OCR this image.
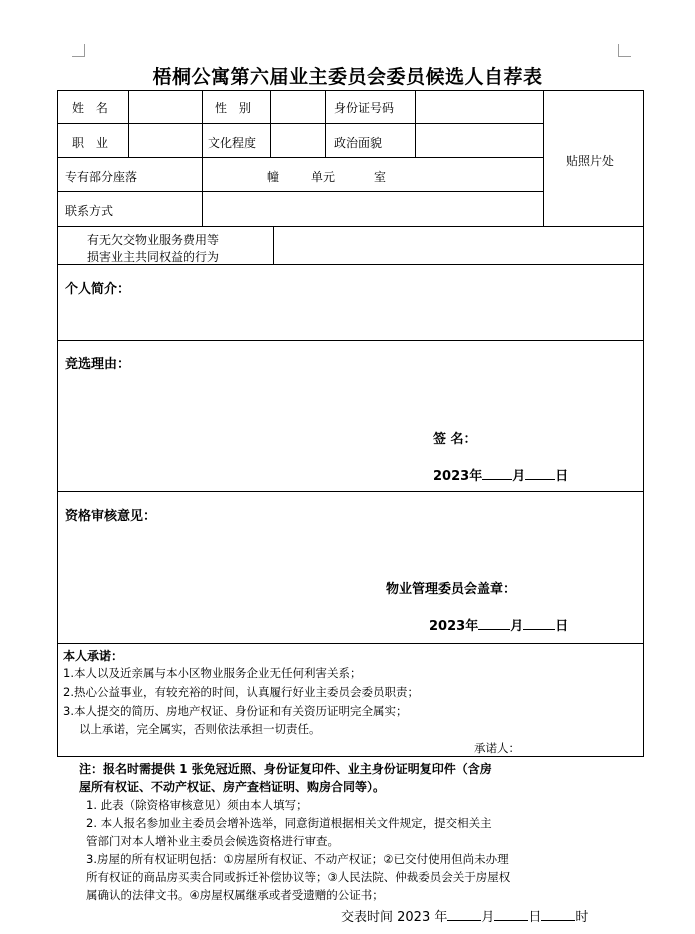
梧桐公寓第六届业主委员会委员候选人自荐表
姓 名	性 别	身份证号码
贴照片处
职 业	文化程度	政治面貌
专有部分座落	幢	单元	室
联系方式
有无欠交物业服务费用等
损害业主共同权益的行为
个人简介：
竞选理由：
签 名：
2023年 月 日
资格审核意见：
物业管理委员会盖章：
2023年 月 日
本人承诺：
1.本人以及近亲属与本小区物业服务企业无任何利害关系；
2.热心公益事业，有较充裕的时间，认真履行好业主委员会委员职责；
3.本人提交的简历、房地产权证、身份证和有关资历证明完全属实；
以上承诺，完全属实，否则依法承担一切责任。
承诺人：
注：报名时需提供 1 张免冠近照、身份证复印件、业主身份证明复印件（含房
屋所有权证、不动产权证、房产查档证明、购房合同等）。
1. 此表（除资格审核意见）须由本人填写；
2. 本人报名参加业主委员会增补选举，同意街道根据相关文件规定，提交相关主
管部门对本人增补业主委员会候选资格进行审查。
3.房屋的所有权证明包括：①房屋所有权证、不动产权证；②已交付使用但尚未办理
所有权证的商品房买卖合同或拆迁补偿协议等；③人民法院、仲裁委员会关于房屋权
属确认的法律文书。④房屋权属继承或者受遗赠的公证书；
交表时间 2023 年	月	日	时
